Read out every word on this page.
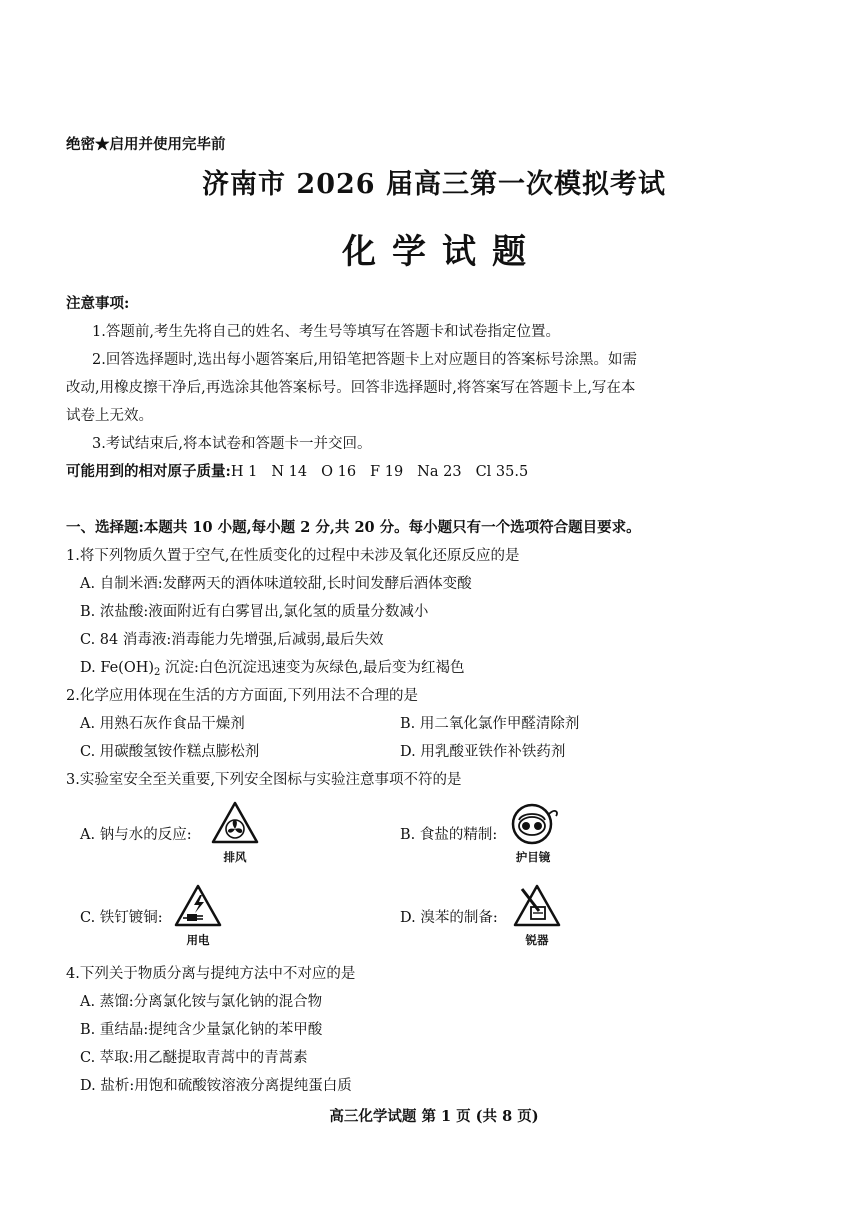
绝密★启用并使用完毕前
济南市 2026 届高三第一次模拟考试
化学试题
注意事项:
1.答题前,考生先将自己的姓名、考生号等填写在答题卡和试卷指定位置。
2.回答选择题时,选出每小题答案后,用铅笔把答题卡上对应题目的答案标号涂黑。如需
改动,用橡皮擦干净后,再选涂其他答案标号。回答非选择题时,将答案写在答题卡上,写在本
试卷上无效。
3.考试结束后,将本试卷和答题卡一并交回。
可能用到的相对原子质量:H 1 N 14 O 16 F 19 Na 23 Cl 35.5
一、选择题:本题共 10 小题,每小题 2 分,共 20 分。每小题只有一个选项符合题目要求。
1.将下列物质久置于空气,在性质变化的过程中未涉及氧化还原反应的是
A. 自制米酒:发酵两天的酒体味道较甜,长时间发酵后酒体变酸
B. 浓盐酸:液面附近有白雾冒出,氯化氢的质量分数减小
C. 84 消毒液:消毒能力先增强,后减弱,最后失效
D. $Fe(OH)_2$ 沉淀:白色沉淀迅速变为灰绿色,最后变为红褐色
2.化学应用体现在生活的方方面面,下列用法不合理的是
A. 用熟石灰作食品干燥剂	B. 用二氧化氯作甲醛清除剂
C. 用碳酸氢铵作糕点膨松剂	D. 用乳酸亚铁作补铁药剂
3.实验室安全至关重要,下列安全图标与实验注意事项不符的是
A. 钠与水的反应:
排风
B. 食盐的精制:
护目镜
C. 铁钉镀铜:
用电
D. 溴苯的制备:
锐器
4.下列关于物质分离与提纯方法中不对应的是
A. 蒸馏:分离氯化铵与氯化钠的混合物
B. 重结晶:提纯含少量氯化钠的苯甲酸
C. 萃取:用乙醚提取青蒿中的青蒿素
D. 盐析:用饱和硫酸铵溶液分离提纯蛋白质
高三化学试题 第 1 页 (共 8 页)
